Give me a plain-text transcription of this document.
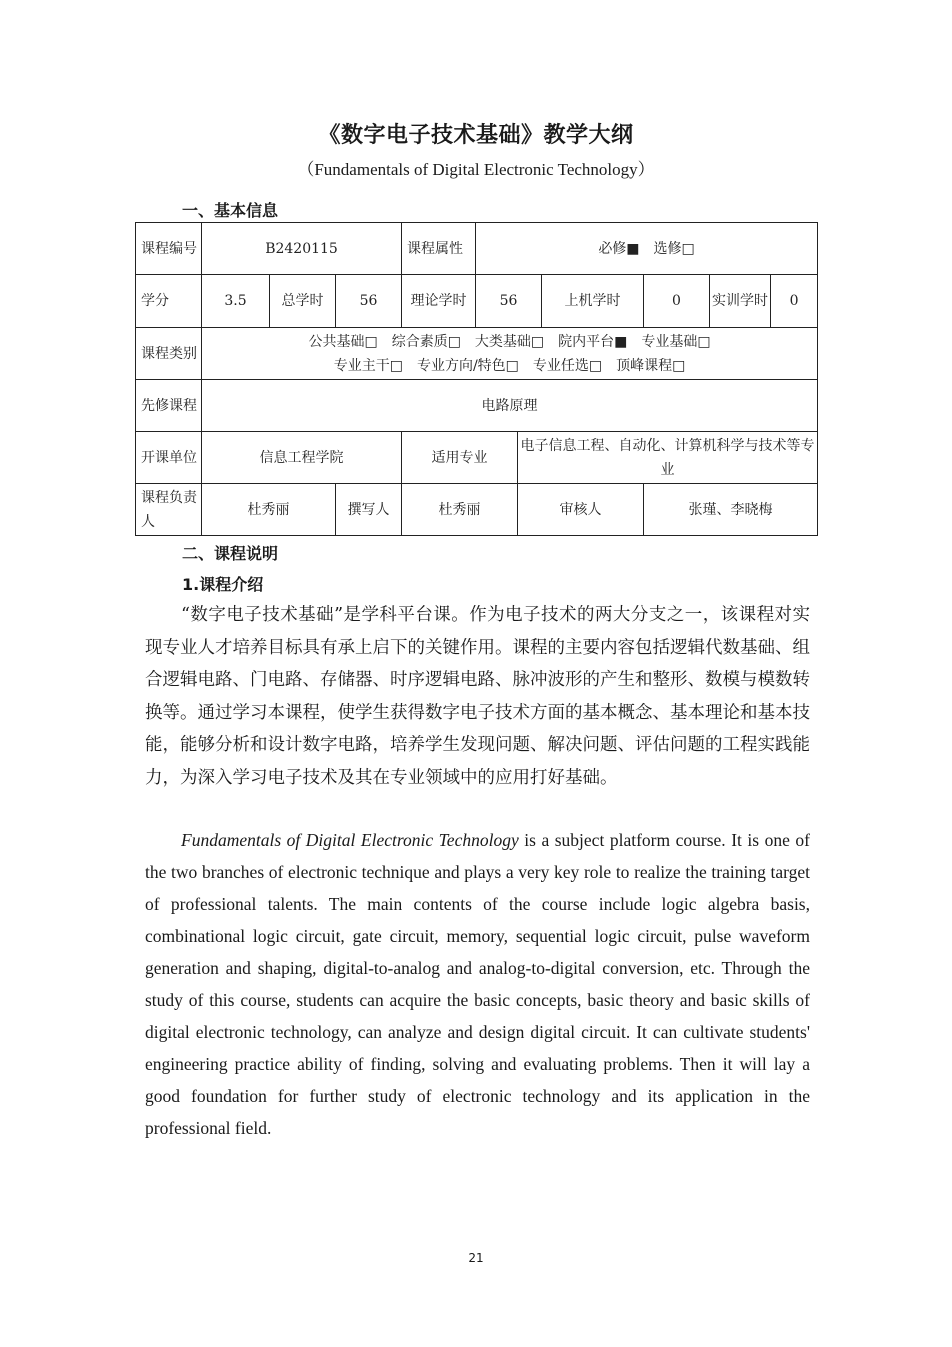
《数字电子技术基础》教学大纲
（Fundamentals of Digital Electronic Technology）
一、基本信息
课程编号	B2420115			课程属性	必修■　选修□				
学分	3.5	总学时	56	理论学时	56		上机学时	0	实训学时 0

课程类别	公共基础□　综合素质□　大类基础□　院内平台■　专业基础□
专业主干□　专业方向/特色□　专业任选□　顶峰课程□								

先修课程	电路原理								
开课单位	信息工程学院			适用专业		电子信息工程、自动化、计算机科学与技术等专业			
课程负责人	杜秀丽		撰写人	杜秀丽		审核人		张瑾、李晓梅	
二、课程说明
1.课程介绍
“数字电子技术基础”是学科平台课。作为电子技术的两大分支之一，该课程对实现专业人才培养目标具有承上启下的关键作用。课程的主要内容包括逻辑代数基础、组合逻辑电路、门电路、存储器、时序逻辑电路、脉冲波形的产生和整形、数模与模数转换等。通过学习本课程，使学生获得数字电子技术方面的基本概念、基本理论和基本技能，能够分析和设计数字电路，培养学生发现问题、解决问题、评估问题的工程实践能力，为深入学习电子技术及其在专业领域中的应用打好基础。
Fundamentals of Digital Electronic Technology is a subject platform course. It is one of the two branches of electronic technique and plays a very key role to realize the training target of professional talents. The main contents of the course include logic algebra basis, combinational logic circuit, gate circuit, memory, sequential logic circuit, pulse waveform generation and shaping, digital-to-analog and analog-to-digital conversion, etc. Through the study of this course, students can acquire the basic concepts, basic theory and basic skills of digital electronic technology, can analyze and design digital circuit. It can cultivate students' engineering practice ability of finding, solving and evaluating problems. Then it will lay a good foundation for further study of electronic technology and its application in the professional field.
21
